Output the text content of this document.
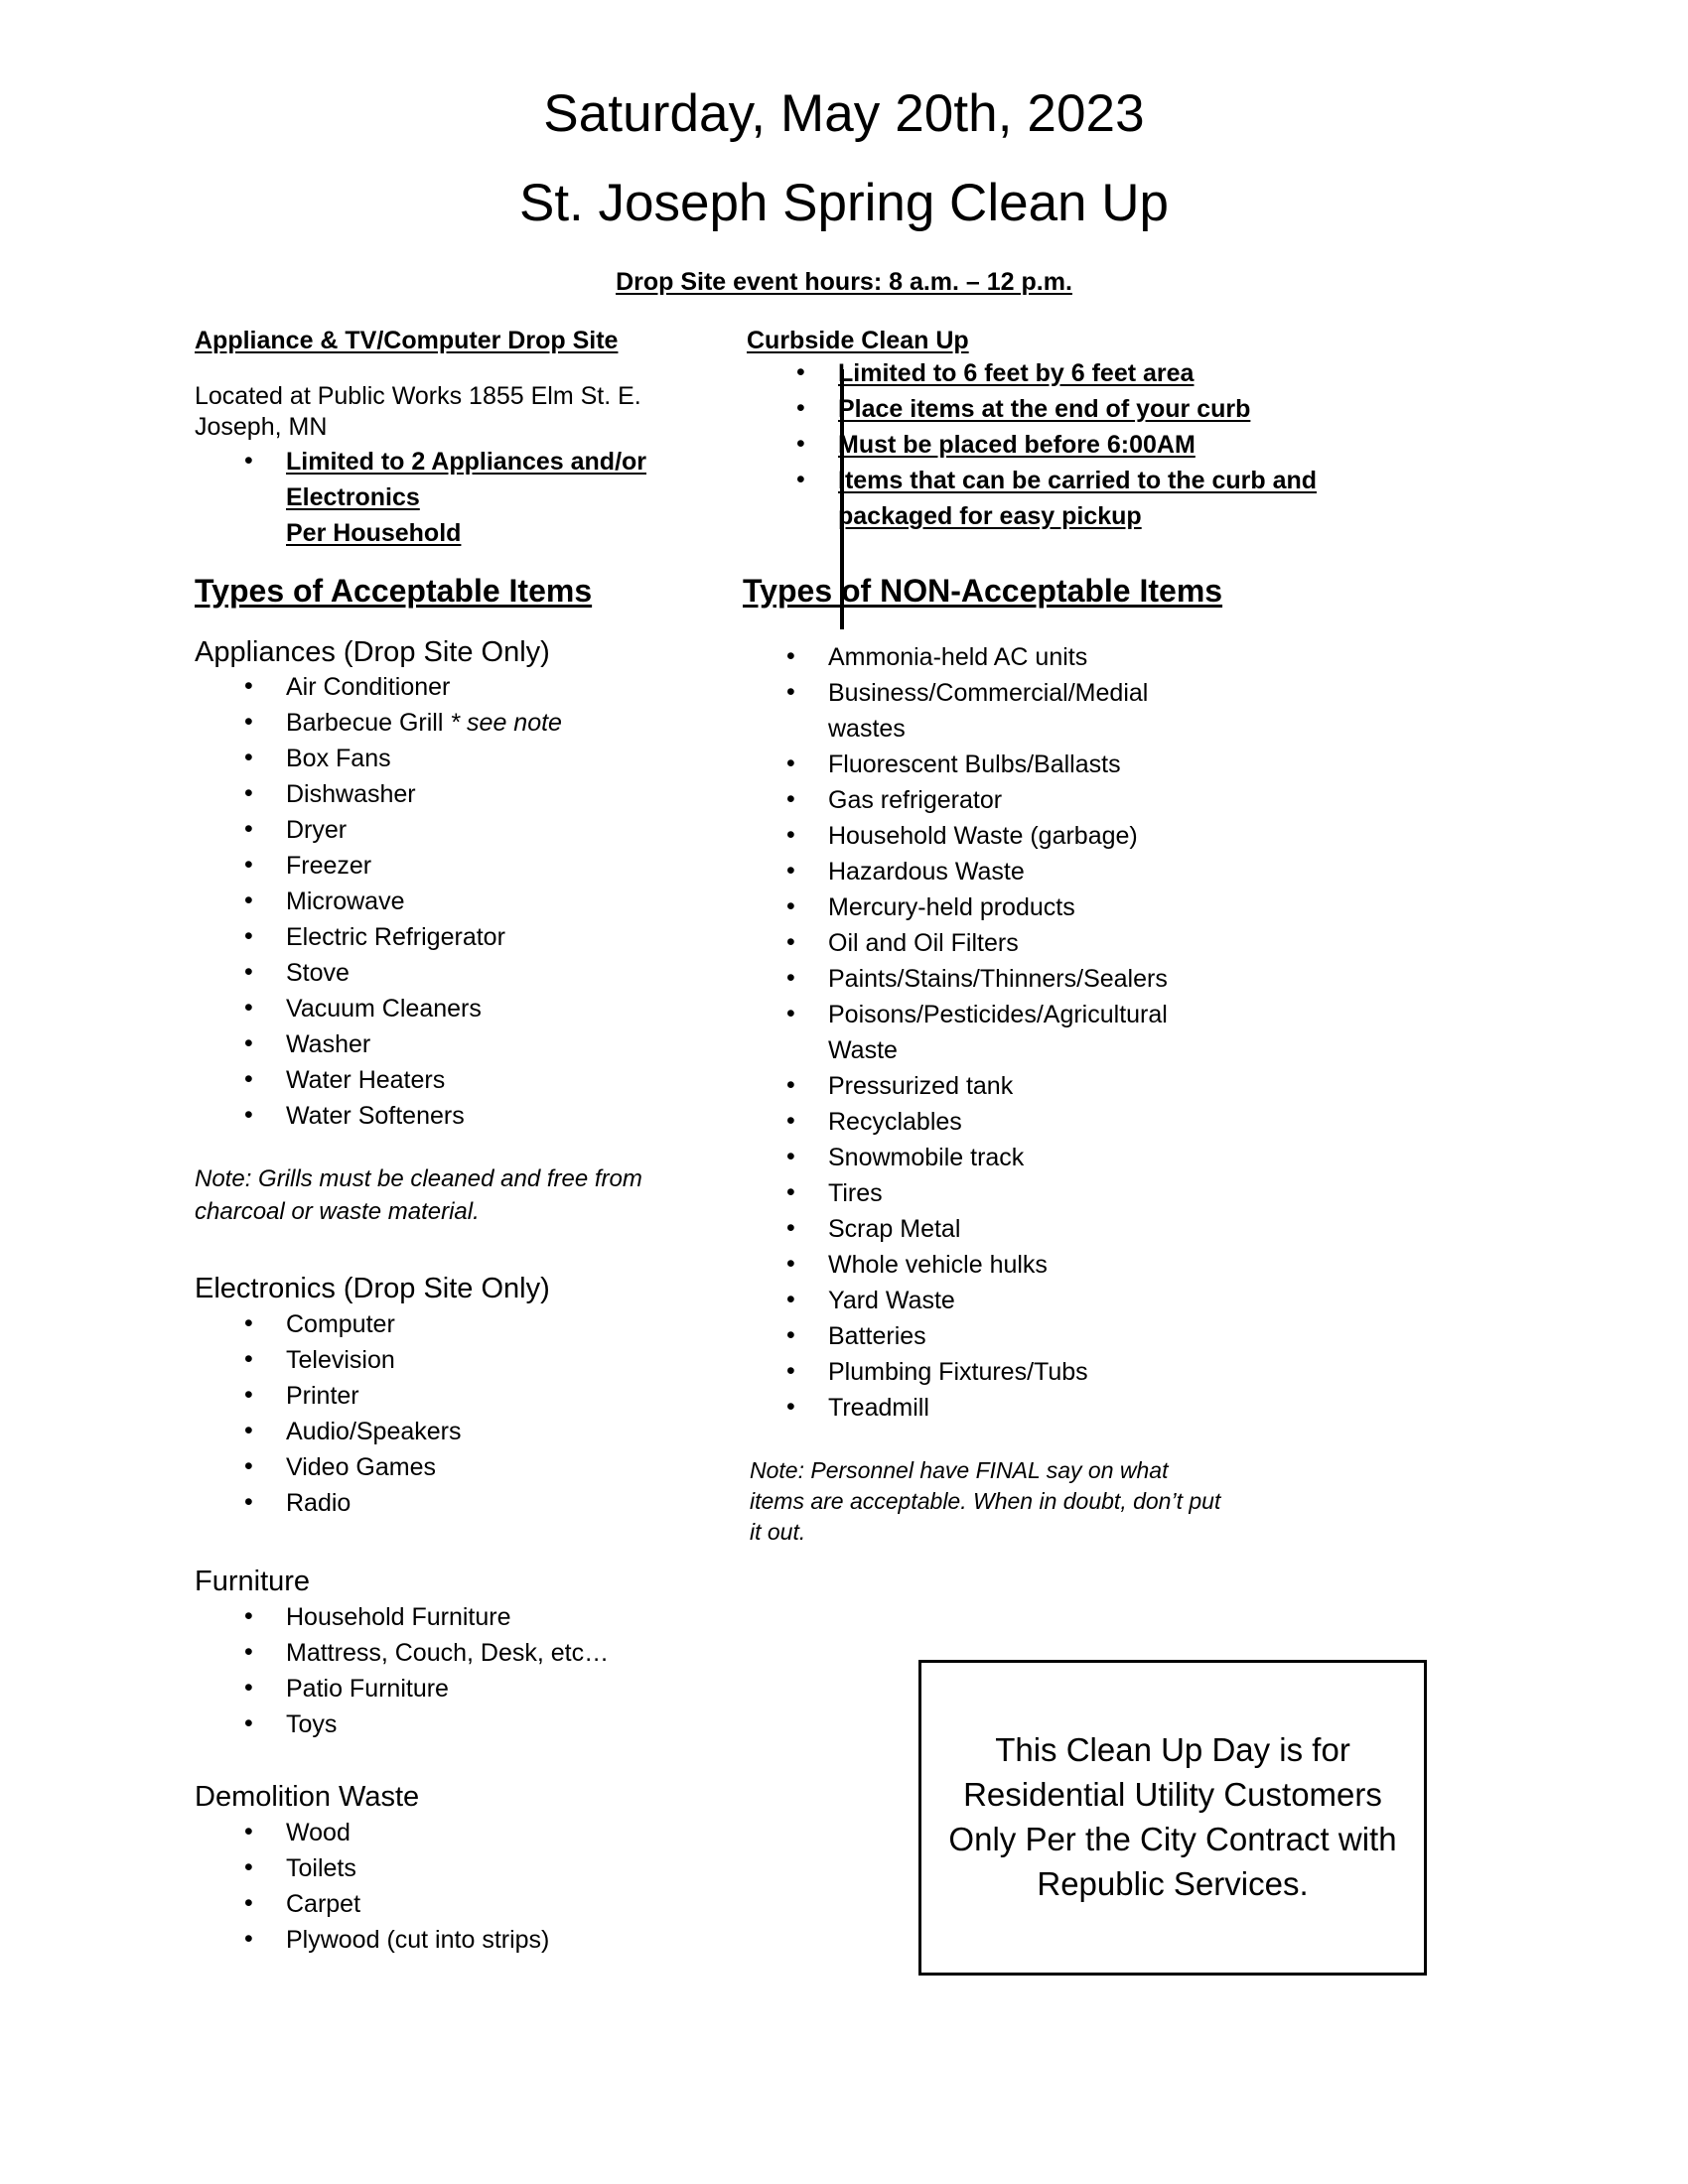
Saturday, May 20th, 2023
St. Joseph Spring Clean Up

Drop Site event hours: 8 a.m. – 12 p.m.

Appliance & TV/Computer Drop Site

Located at Public Works 1855 Elm St. E. Joseph, MN

• Limited to 2 Appliances and/or Electronics
Per Household
Curbside Clean Up
• Limited to 6 feet by 6 feet area
• Place items at the end of your curb
• Must be placed before 6:00AM
• Items that can be carried to the curb and
packaged for easy pickup
Types of Acceptable Items	Types of NON-Acceptable Items

Appliances (Drop Site Only)

• Air Conditioner
• Barbecue Grill * see note
• Box Fans
• Dishwasher
• Dryer
• Freezer
• Microwave
• Electric Refrigerator
• Stove
• Vacuum Cleaners
• Washer
• Water Heaters
• Water Softeners

Note: Grills must be cleaned and free from charcoal or waste material.

Electronics (Drop Site Only)

• Computer
• Television
• Printer
• Audio/Speakers
• Video Games
• Radio

Furniture

• Household Furniture
• Mattress, Couch, Desk, etc…
• Patio Furniture
• Toys

Demolition Waste

• Wood
• Toilets
• Carpet
• Plywood (cut into strips)
• Ammonia-held AC units
• Business/Commercial/Medial wastes
• Fluorescent Bulbs/Ballasts
• Gas refrigerator
• Household Waste (garbage)
• Hazardous Waste
• Mercury-held products
• Oil and Oil Filters
• Paints/Stains/Thinners/Sealers
• Poisons/Pesticides/Agricultural Waste
• Pressurized tank
• Recyclables
• Snowmobile track
• Tires
• Scrap Metal
• Whole vehicle hulks
• Yard Waste
• Batteries
• Plumbing Fixtures/Tubs
• Treadmill

Note: Personnel have FINAL say on what items are acceptable. When in doubt, don’t put it out.

This Clean Up Day is for Residential Utility Customers Only Per the City Contract with Republic Services.
